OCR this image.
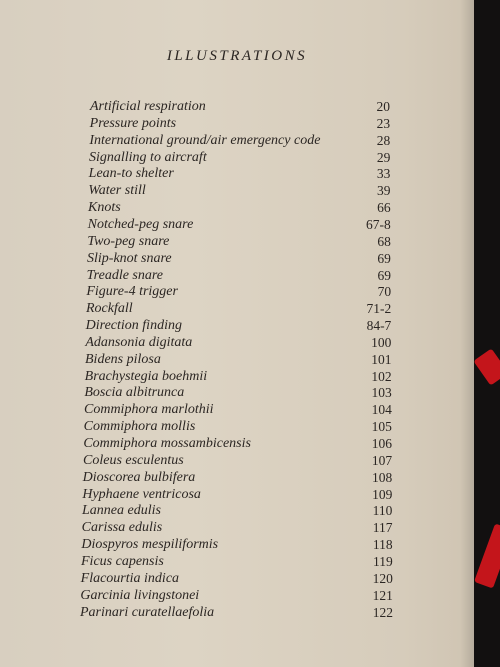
ILLUSTRATIONS
Artificial respiration	20
Pressure points	23
International ground/air emergency code	28
Signalling to aircraft	29
Lean-to shelter	33
Water still	39
Knots	66
Notched-peg snare	67-8
Two-peg snare	68
Slip-knot snare	69
Treadle snare	69
Figure-4 trigger	70
Rockfall	71-2
Direction finding	84-7
Adansonia digitata	100
Bidens pilosa	101
Brachystegia boehmii	102
Boscia albitrunca	103
Commiphora marlothii	104
Commiphora mollis	105
Commiphora mossambicensis	106
Coleus esculentus	107
Dioscorea bulbifera	108
Hyphaene ventricosa	109
Lannea edulis	110
Carissa edulis	117
Diospyros mespiliformis	118
Ficus capensis	119
Flacourtia indica	120
Garcinia livingstonei	121
Parinari curatellaefolia	122
